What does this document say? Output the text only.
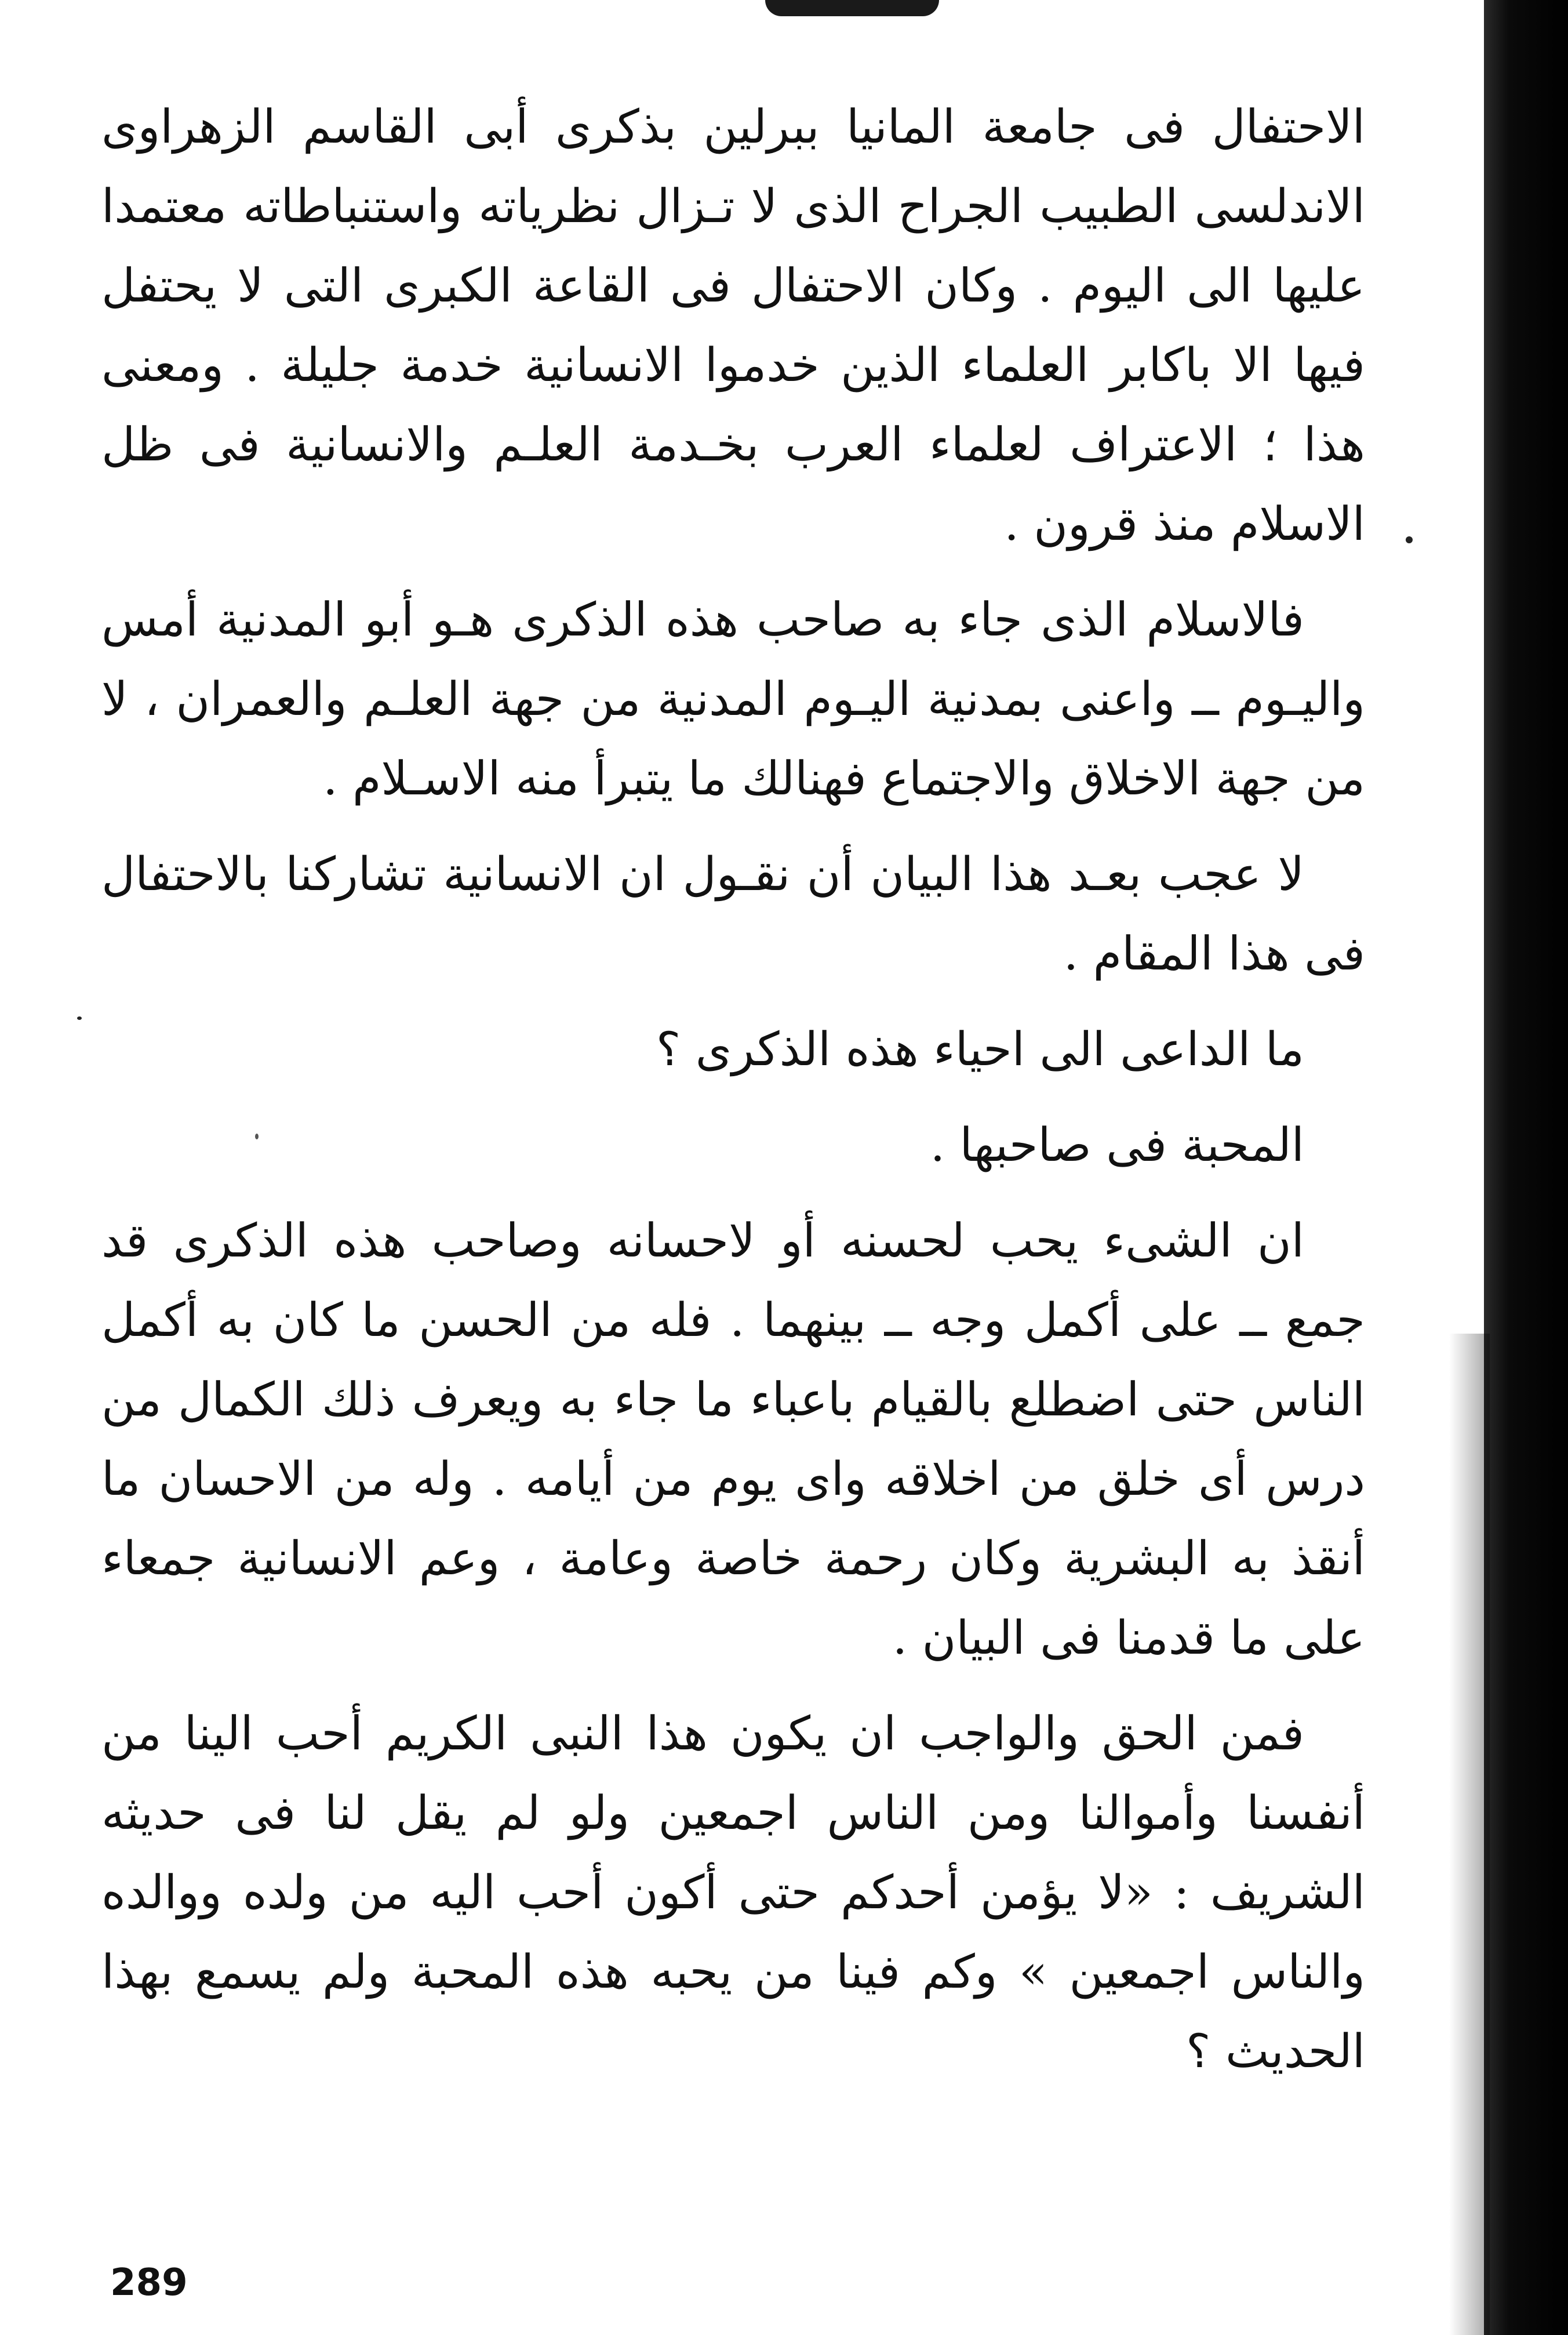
الاحتفال فى جامعة المانيا ببرلين بذكرى أبى القاسم الزهراوى الاندلسى الطبيب الجراح الذى لا تـزال نظرياته واستنباطاته معتمدا عليها الى اليوم . وكان الاحتفال فى القاعة الكبرى التى لا يحتفل فيها الا باكابر العلماء الذين خدموا الانسانية خدمة جليلة . ومعنى هذا ؛ الاعتراف لعلماء العرب بخـدمة العلـم والانسانية فى ظل الاسلام منذ قرون .

فالاسلام الذى جاء به صاحب هذه الذكرى هـو أبو المدنية أمس واليـوم ــ واعنى بمدنية اليـوم المدنية من جهة العلـم والعمران ، لا من جهة الاخلاق والاجتماع فهنالك ما يتبرأ منه الاسـلام .

لا عجب بعـد هذا البيان أن نقـول ان الانسانية تشاركنا بالاحتفال فى هذا المقام .

ما الداعى الى احياء هذه الذكرى ؟

المحبة فى صاحبها .

ان الشىء يحب لحسنه أو لاحسانه وصاحب هذه الذكرى قد جمع ــ على أكمل وجه ــ بينهما . فله من الحسن ما كان به أكمل الناس حتى اضطلع بالقيام باعباء ما جاء به ويعرف ذلك الكمال من درس أى خلق من اخلاقه واى يوم من أيامه . وله من الاحسان ما أنقذ به البشرية وكان رحمة خاصة وعامة ، وعم الانسانية جمعاء على ما قدمنا فى البيان .

فمن الحق والواجب ان يكون هذا النبى الكريم أحب الينا من أنفسنا وأموالنا ومن الناس اجمعين ولو لم يقل لنا فى حديثه الشريف : «لا يؤمن أحدكم حتى أكون أحب اليه من ولده ووالده والناس اجمعين » وكم فينا من يحبه هذه المحبة ولم يسمع بهذا الحديث ؟

289
